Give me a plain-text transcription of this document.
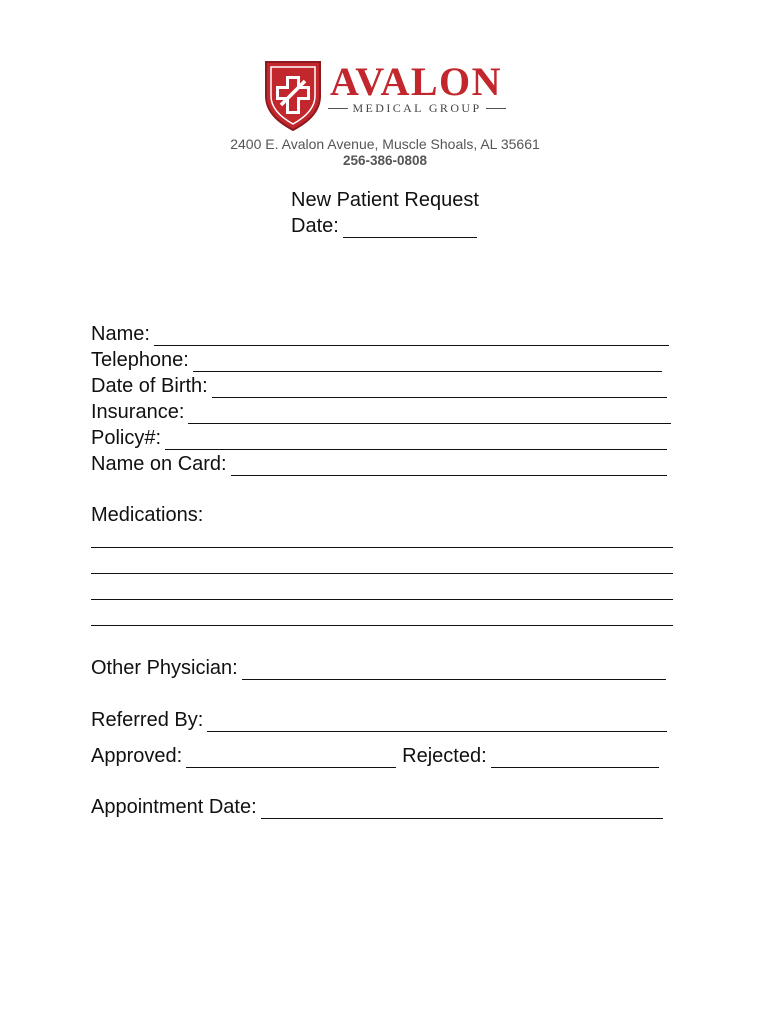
AVALON
MEDICAL GROUP
2400 E. Avalon Avenue, Muscle Shoals, AL 35661
256-386-0808
New Patient Request
Date:
Name:
Telephone:
Date of Birth:
Insurance:
Policy#:
Name on Card:
Medications:
Other Physician:
Referred By:
Approved:	Rejected:
Appointment Date:
